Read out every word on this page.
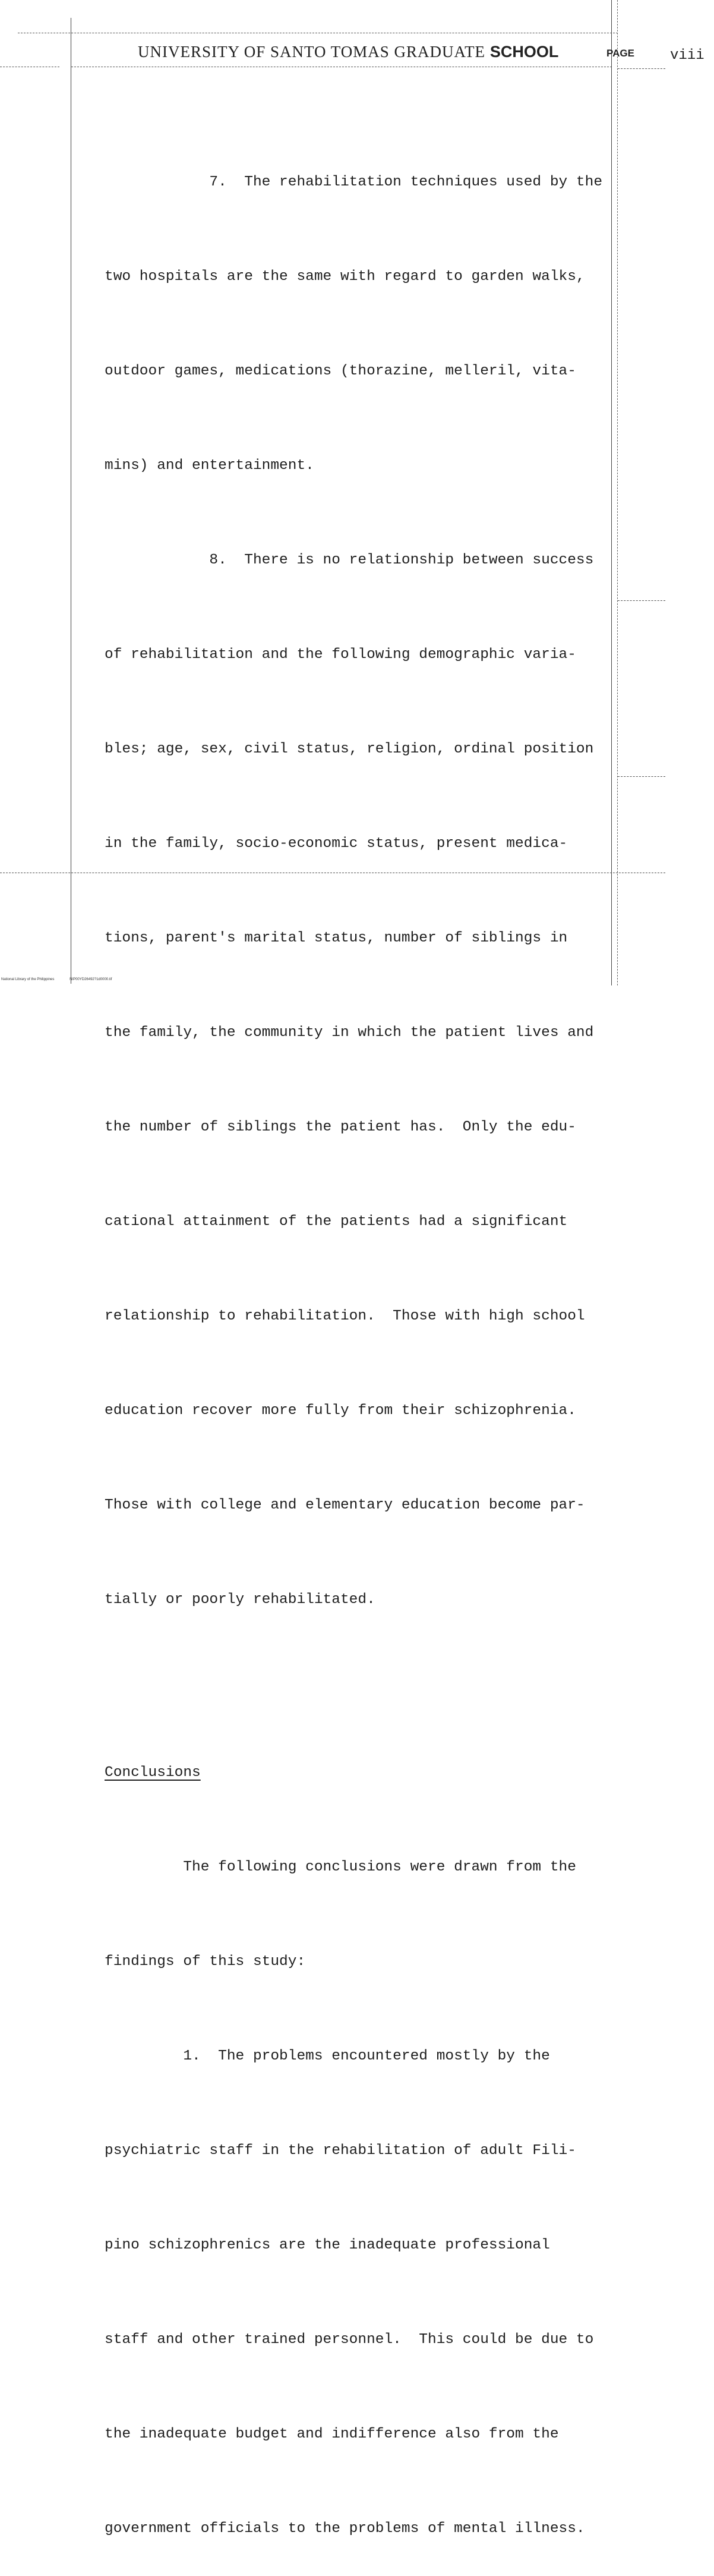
UNIVERSITY OF SANTO TOMAS GRADUATE SCHOOL	PAGE	viii

7.  The rehabilitation techniques used by the

two hospitals are the same with regard to garden walks,

outdoor games, medications (thorazine, melleril, vita-

mins) and entertainment.

8.  There is no relationship between success

of rehabilitation and the following demographic varia-

bles; age, sex, civil status, religion, ordinal position

in the family, socio-economic status, present medica-

tions, parent's marital status, number of siblings in

the family, the community in which the patient lives and

the number of siblings the patient has.  Only the edu-

cational attainment of the patients had a significant

relationship to rehabilitation.  Those with high school

education recover more fully from their schizophrenia.

Those with college and elementary education become par-

tially or poorly rehabilitated.

Conclusions

The following conclusions were drawn from the

findings of this study:

1.  The problems encountered mostly by the

psychiatric staff in the rehabilitation of adult Fili-

pino schizophrenics are the inadequate professional

staff and other trained personnel.  This could be due to

the inadequate budget and indifference also from the

government officials to the problems of mental illness.

National Library of the Philippines	NIP00YD26492?1d0000.tif
